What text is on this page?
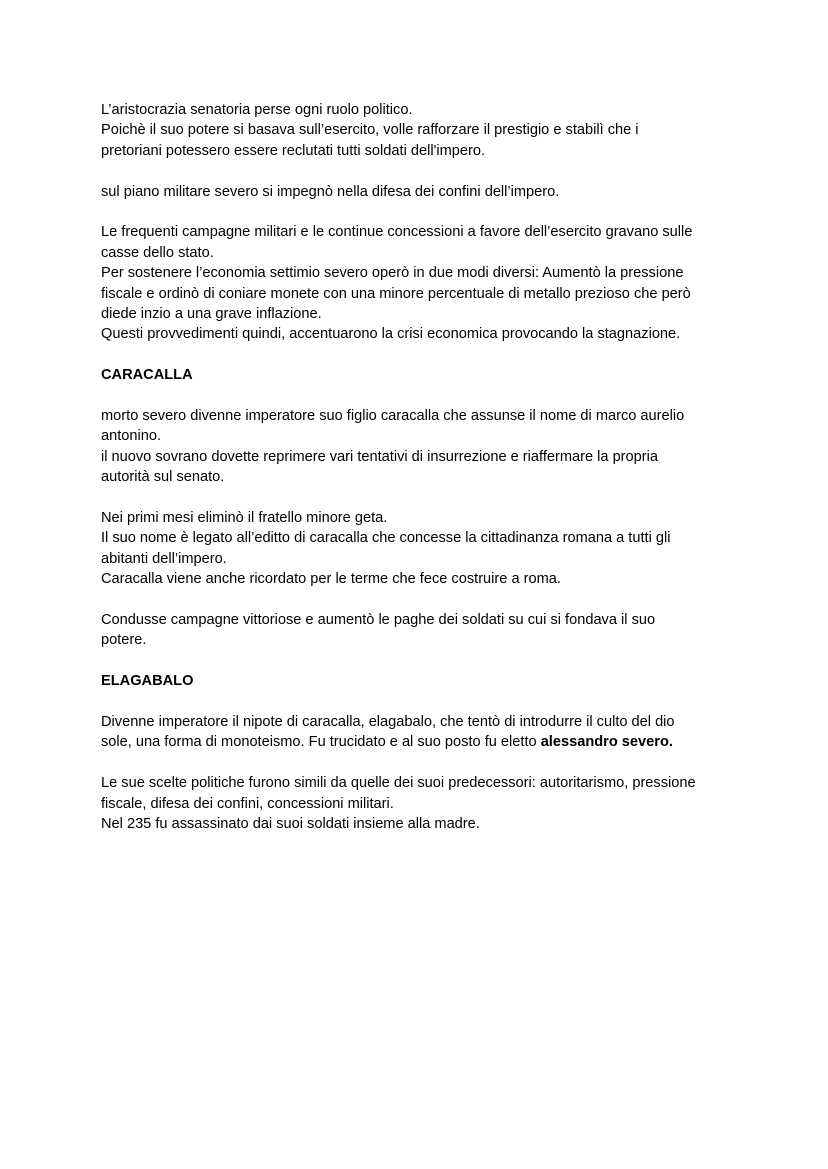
L’aristocrazia senatoria perse ogni ruolo politico.
Poichè il suo potere si basava sull’esercito, volle rafforzare il prestigio e stabilì che i
pretoriani potessero essere reclutati tutti soldati dell'impero.
sul piano militare severo si impegnò nella difesa dei confini dell’impero.
Le frequenti campagne militari e le continue concessioni a favore dell’esercito gravano sulle
casse dello stato.
Per sostenere l’economia settimio severo operò in due modi diversi: Aumentò la pressione
fiscale e ordinò di coniare monete con una minore percentuale di metallo prezioso che però
diede inzio a una grave inflazione.
Questi provvedimenti quindi, accentuarono la crisi economica provocando la stagnazione.
CARACALLA
morto severo divenne imperatore suo figlio caracalla che assunse il nome di marco aurelio
antonino.
il nuovo sovrano dovette reprimere vari tentativi di insurrezione e riaffermare la propria
autorità sul senato.
Nei primi mesi eliminò il fratello minore geta.
Il suo nome è legato all’editto di caracalla che concesse la cittadinanza romana a tutti gli
abitanti dell’impero.
Caracalla viene anche ricordato per le terme che fece costruire a roma.
Condusse campagne vittoriose e aumentò le paghe dei soldati su cui si fondava il suo
potere.
ELAGABALO
Divenne imperatore il nipote di caracalla, elagabalo, che tentò di introdurre il culto del dio
sole, una forma di monoteismo. Fu trucidato e al suo posto fu eletto alessandro severo.
Le sue scelte politiche furono simili da quelle dei suoi predecessori: autoritarismo, pressione
fiscale, difesa dei confini, concessioni militari.
Nel 235 fu assassinato dai suoi soldati insieme alla madre.
